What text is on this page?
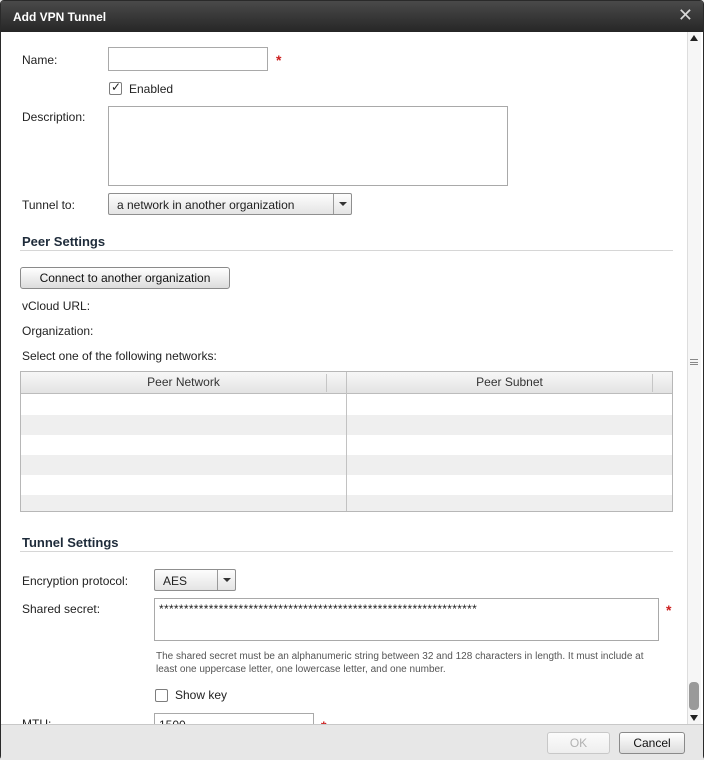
Add VPN Tunnel	✕
Name:	*
✓ Enabled
Description:
Tunnel to:	a network in another organization
Peer Settings
Connect to another organization
vCloud URL:
Organization:
Select one of the following networks:
Peer Network	Peer Subnet
Tunnel Settings
Encryption protocol:	AES
Shared secret:	****************************************************************	*
The shared secret must be an alphanumeric string between 32 and 128 characters in length. It must include at least one uppercase letter, one lowercase letter, and one number.
Show key
OK	Cancel
